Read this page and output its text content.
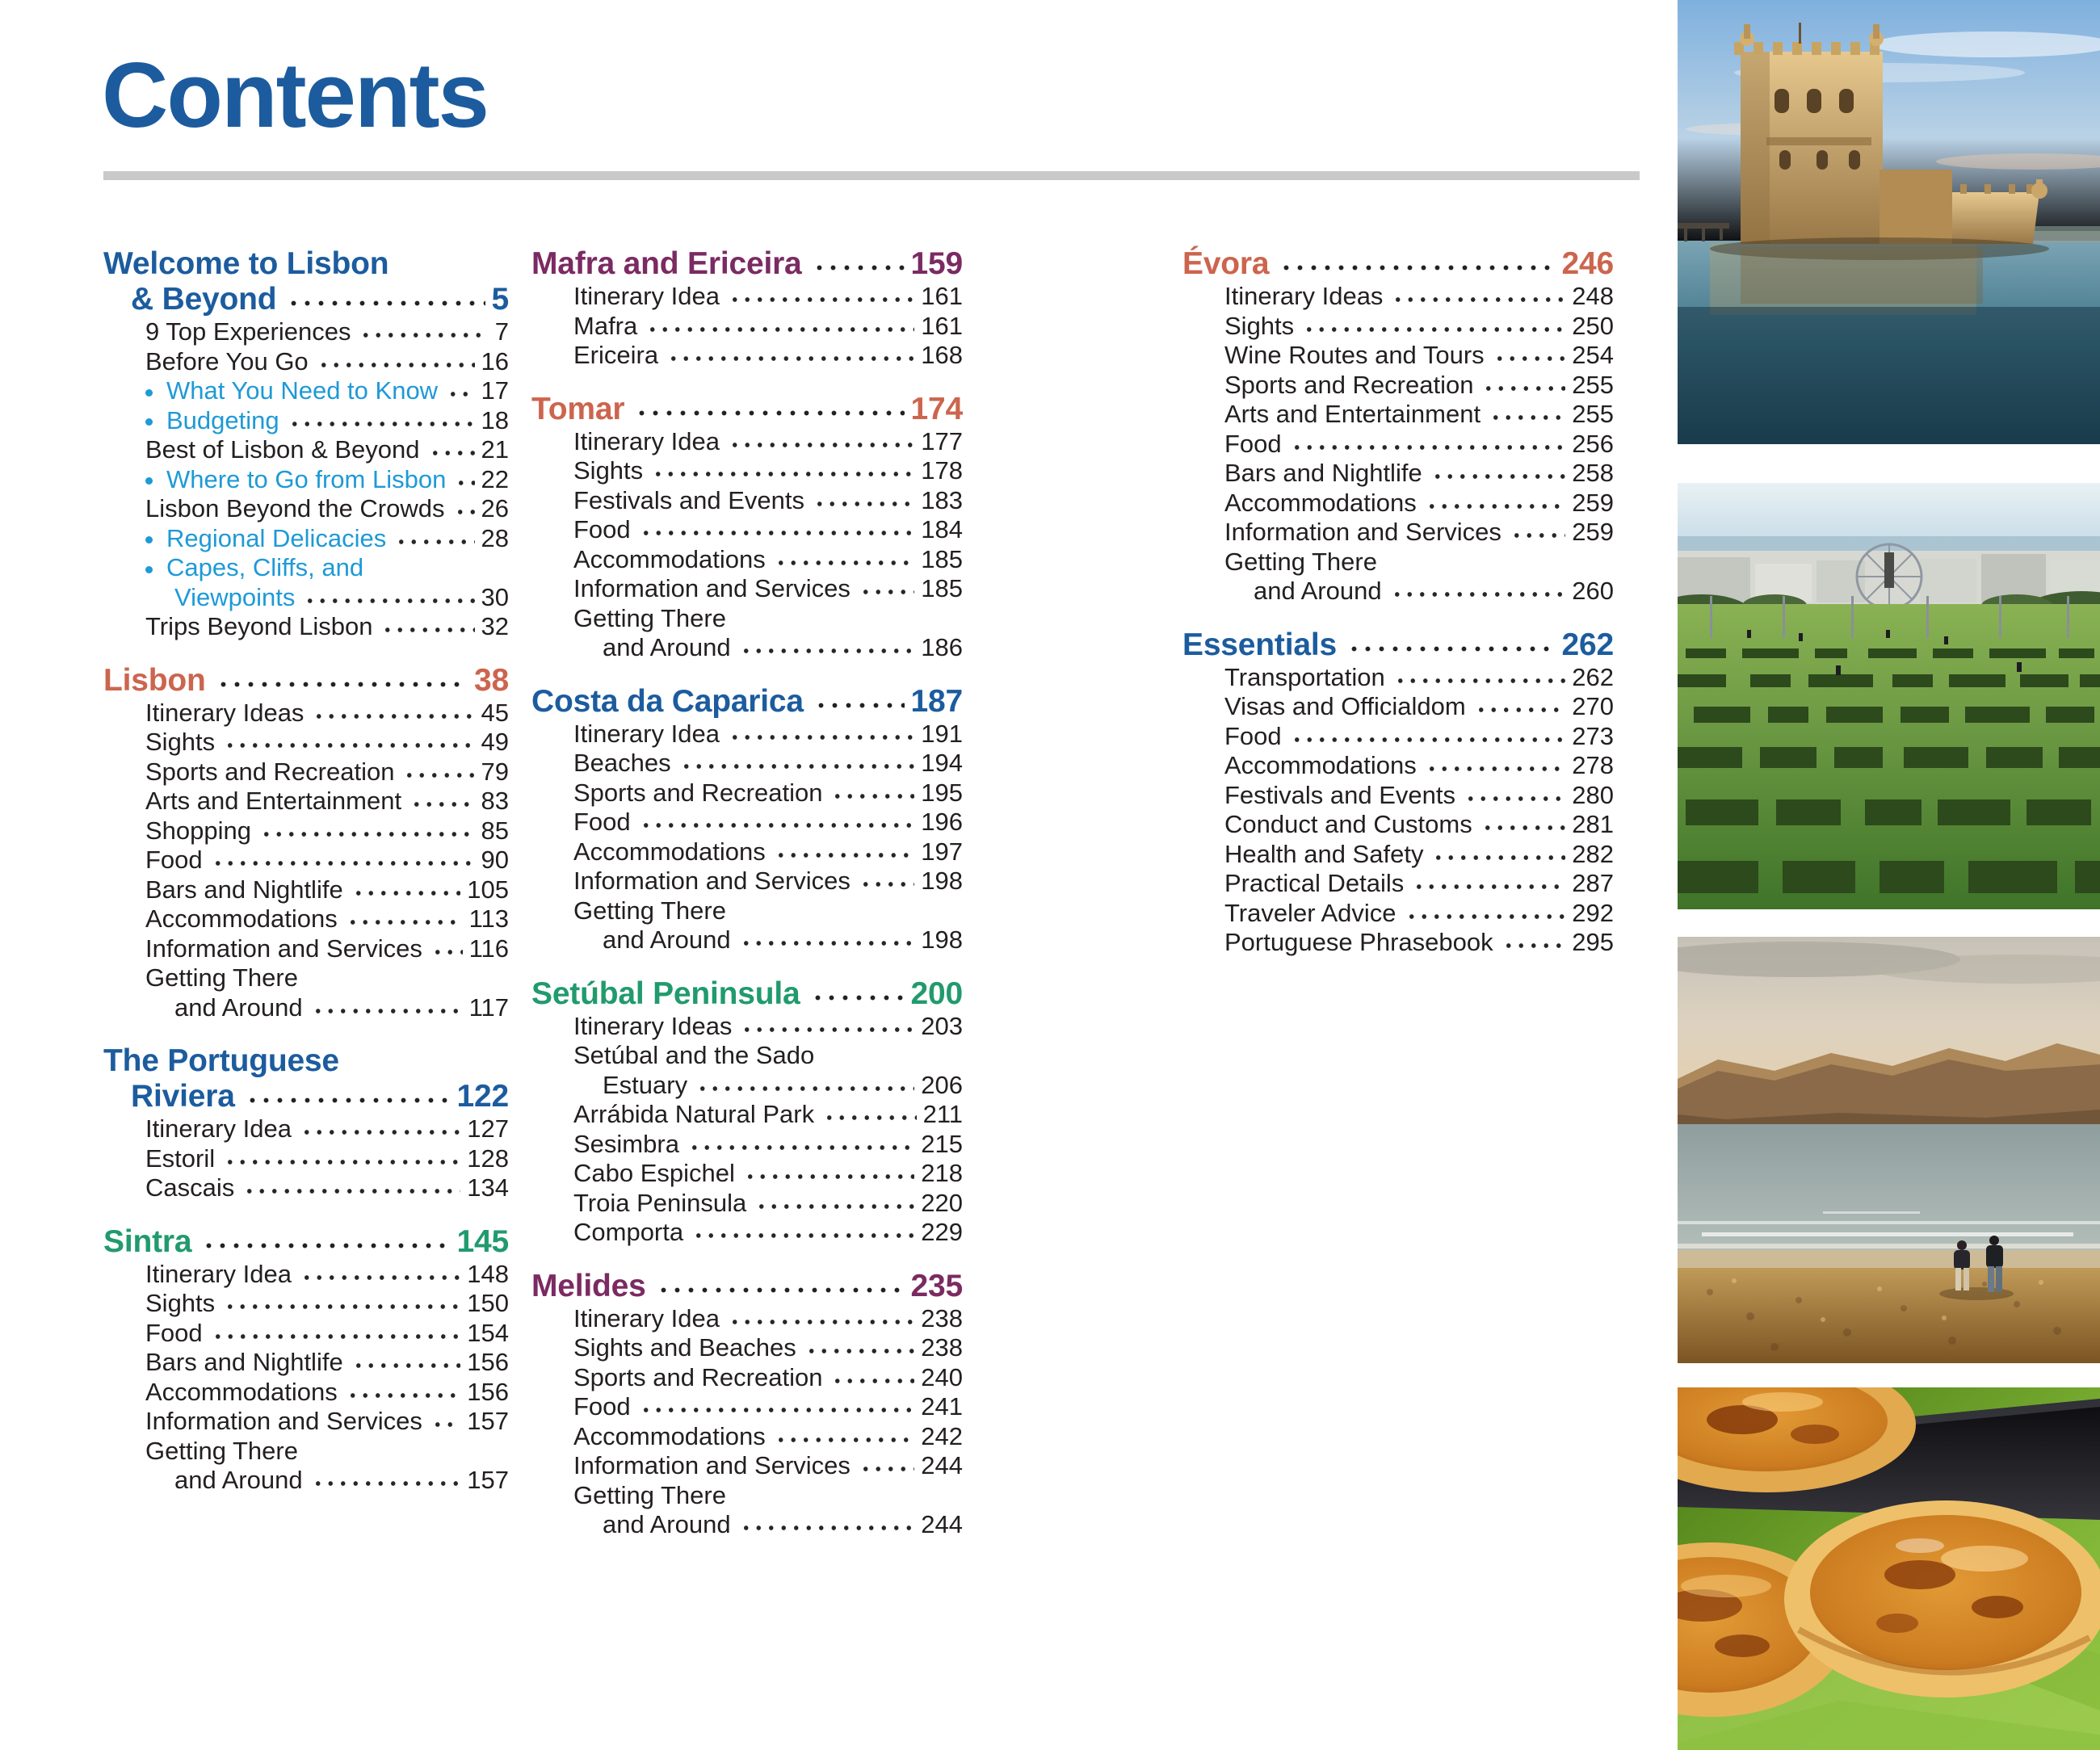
Contents
Welcome to Lisbon
& Beyond	5
9 Top Experiences	7
Before You Go	16
What You Need to Know 17
Budgeting	18
Best of Lisbon & Beyond 21
Where to Go from Lisbon 22
Lisbon Beyond the Crowds 26
Regional Delicacies	28
Capes, Cliffs, and
Viewpoints	30
Trips Beyond Lisbon	32
Lisbon	38
Itinerary Ideas	45
Sights	49
Sports and Recreation	79
Arts and Entertainment	83
Shopping	85
Food	90
Bars and Nightlife	105
Accommodations	113
Information and Services 116
Getting There
and Around	117
The Portuguese
Riviera	122
Itinerary Idea	127
Estoril	128
Cascais	134
Sintra	145
Itinerary Idea	148
Sights	150
Food	154
Bars and Nightlife	156
Accommodations	156
Information and Services 157
Getting There
and Around	157
Mafra and Ericeira	159
Itinerary Idea	161
Mafra	161
Ericeira	168
Tomar	174
Itinerary Idea	177
Sights	178
Festivals and Events	183
Food	184
Accommodations	185
Information and Services	185
Getting There
and Around	186
Costa da Caparica	187
Itinerary Idea	191
Beaches	194
Sports and Recreation	195
Food	196
Accommodations	197
Information and Services	198
Getting There
and Around	198
Setúbal Peninsula	200
Itinerary Ideas	203
Setúbal and the Sado
Estuary	206
Arrábida Natural Park	211
Sesimbra	215
Cabo Espichel	218
Troia Peninsula	220
Comporta	229
Melides	235
Itinerary Idea	238
Sights and Beaches	238
Sports and Recreation	240
Food	241
Accommodations	242
Information and Services	244
Getting There
and Around	244
Évora	246
Itinerary Ideas	248
Sights	250
Wine Routes and Tours	254
Sports and Recreation	255
Arts and Entertainment	255
Food	256
Bars and Nightlife	258
Accommodations	259
Information and Services	259
Getting There
and Around	260
Essentials	262
Transportation	262
Visas and Officialdom	270
Food	273
Accommodations	278
Festivals and Events	280
Conduct and Customs	281
Health and Safety	282
Practical Details	287
Traveler Advice	292
Portuguese Phrasebook	295
